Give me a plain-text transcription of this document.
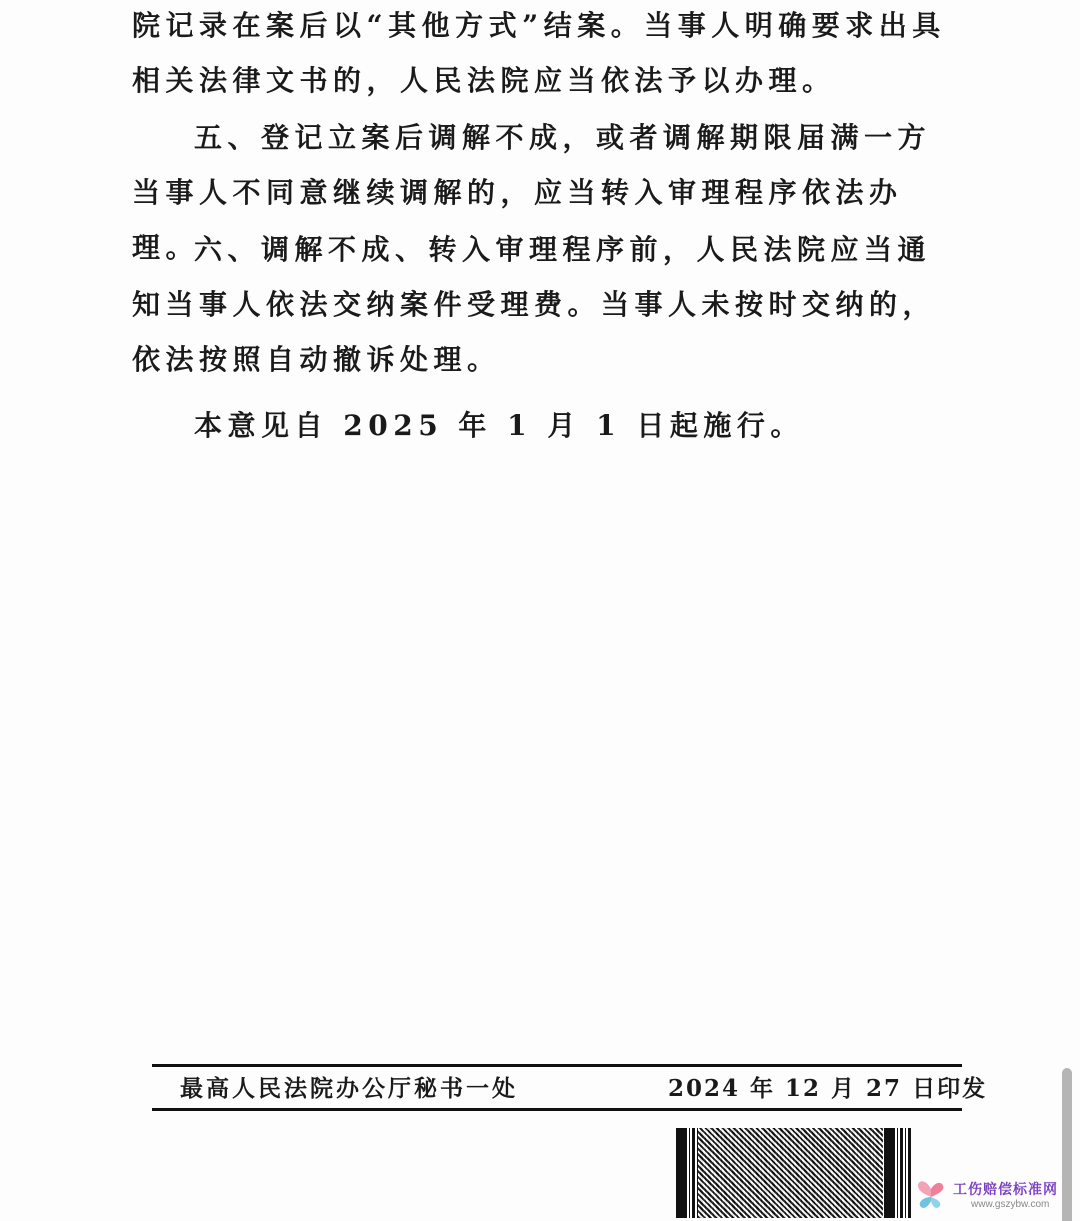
院记录在案后以“其他方式”结案。当事人明确要求出具相关法律文书的，人民法院应当依法予以办理。

五、登记立案后调解不成，或者调解期限届满一方当事人不同意继续调解的，应当转入审理程序依法办理。

六、调解不成、转入审理程序前，人民法院应当通知当事人依法交纳案件受理费。当事人未按时交纳的，依法按照自动撤诉处理。

本意见自 2025 年 1 月 1 日起施行。

最高人民法院办公厅秘书一处	2024 年 12 月 27 日印发
工伤赔偿标准网
www.gszybw.com
